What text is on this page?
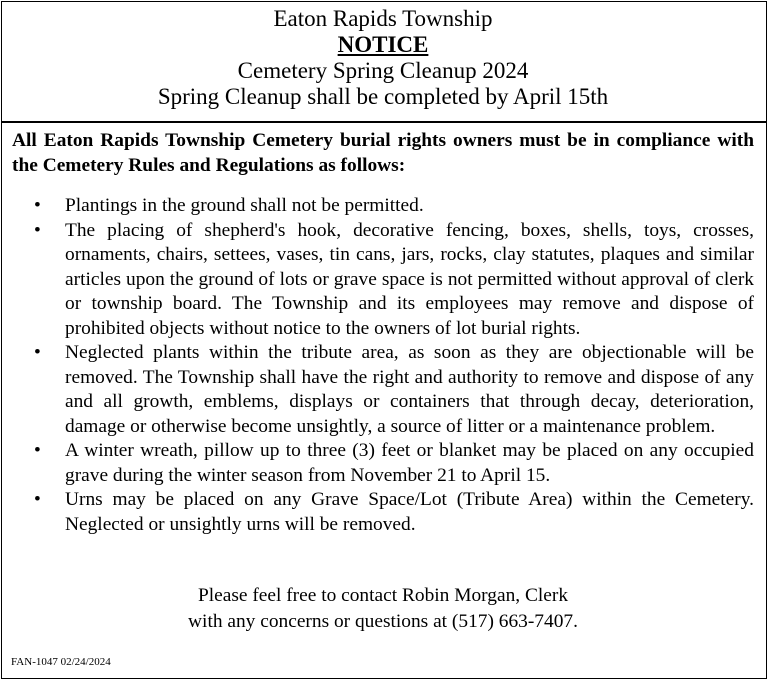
Eaton Rapids Township
NOTICE
Cemetery Spring Cleanup 2024
Spring Cleanup shall be completed by April 15th
All Eaton Rapids Township Cemetery burial rights owners must be in compliance with the Cemetery Rules and Regulations as follows:
• Plantings in the ground shall not be permitted.
• The placing of shepherd's hook, decorative fencing, boxes, shells, toys, crosses, ornaments, chairs, settees, vases, tin cans, jars, rocks, clay statutes, plaques and similar articles upon the ground of lots or grave space is not permitted without approval of clerk or township board. The Township and its employees may remove and dispose of prohibited objects without notice to the owners of lot burial rights.
• Neglected plants within the tribute area, as soon as they are objectionable will be removed. The Township shall have the right and authority to remove and dispose of any and all growth, emblems, displays or containers that through decay, deterioration, damage or otherwise become unsightly, a source of litter or a maintenance problem.
• A winter wreath, pillow up to three (3) feet or blanket may be placed on any occupied grave during the winter season from November 21 to April 15.
• Urns may be placed on any Grave Space/Lot (Tribute Area) within the Cemetery. Neglected or unsightly urns will be removed.
Please feel free to contact Robin Morgan, Clerk
with any concerns or questions at (517) 663-7407.
FAN-1047 02/24/2024
